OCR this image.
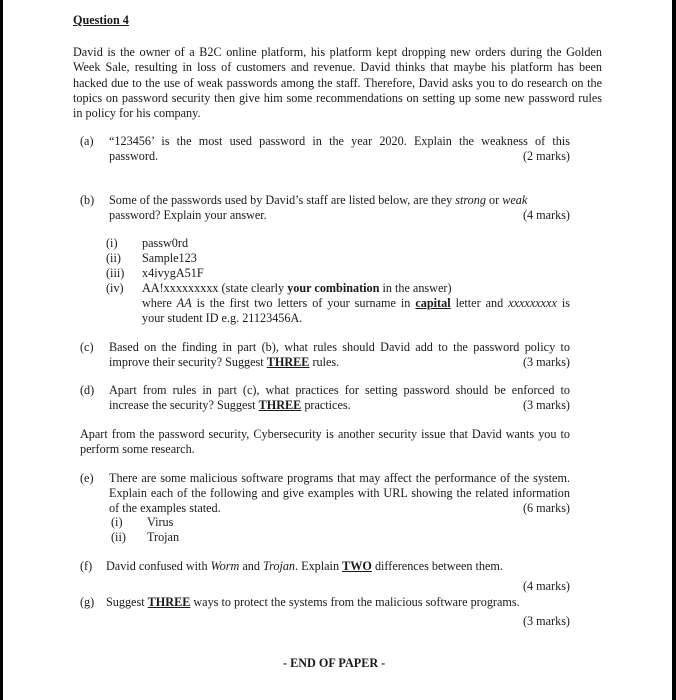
Question 4
David is the owner of a B2C online platform, his platform kept dropping new orders during the Golden Week Sale, resulting in loss of customers and revenue. David thinks that maybe his platform has been hacked due to the use of weak passwords among the staff. Therefore, David asks you to do research on the topics on password security then give him some recommendations on setting up some new password rules in policy for his company.
(a) “123456’ is the most used password in the year 2020. Explain the weakness of this
password.	(2 marks)
(b) Some of the passwords used by David’s staff are listed below, are they strong or weak
password? Explain your answer.	(4 marks)
(i) passw0rd
(ii) Sample123
(iii) x4ivygA51F
(iv) AA!xxxxxxxxx (state clearly your combination in the answer)
where AA is the first two letters of your surname in capital letter and xxxxxxxxx is
your student ID e.g. 21123456A.
(c) Based on the finding in part (b), what rules should David add to the password policy to
improve their security? Suggest THREE rules.	(3 marks)
(d) Apart from rules in part (c), what practices for setting password should be enforced to
increase the security? Suggest THREE practices.	(3 marks)
Apart from the password security, Cybersecurity is another security issue that David wants you to
perform some research.
(e) There are some malicious software programs that may affect the performance of the system.
Explain each of the following and give examples with URL showing the related information
of the examples stated.	(6 marks)
(i) Virus
(ii) Trojan
(f) David confused with Worm and Trojan. Explain TWO differences between them.
(4 marks)
(g) Suggest THREE ways to protect the systems from the malicious software programs.
(3 marks)
- END OF PAPER -
